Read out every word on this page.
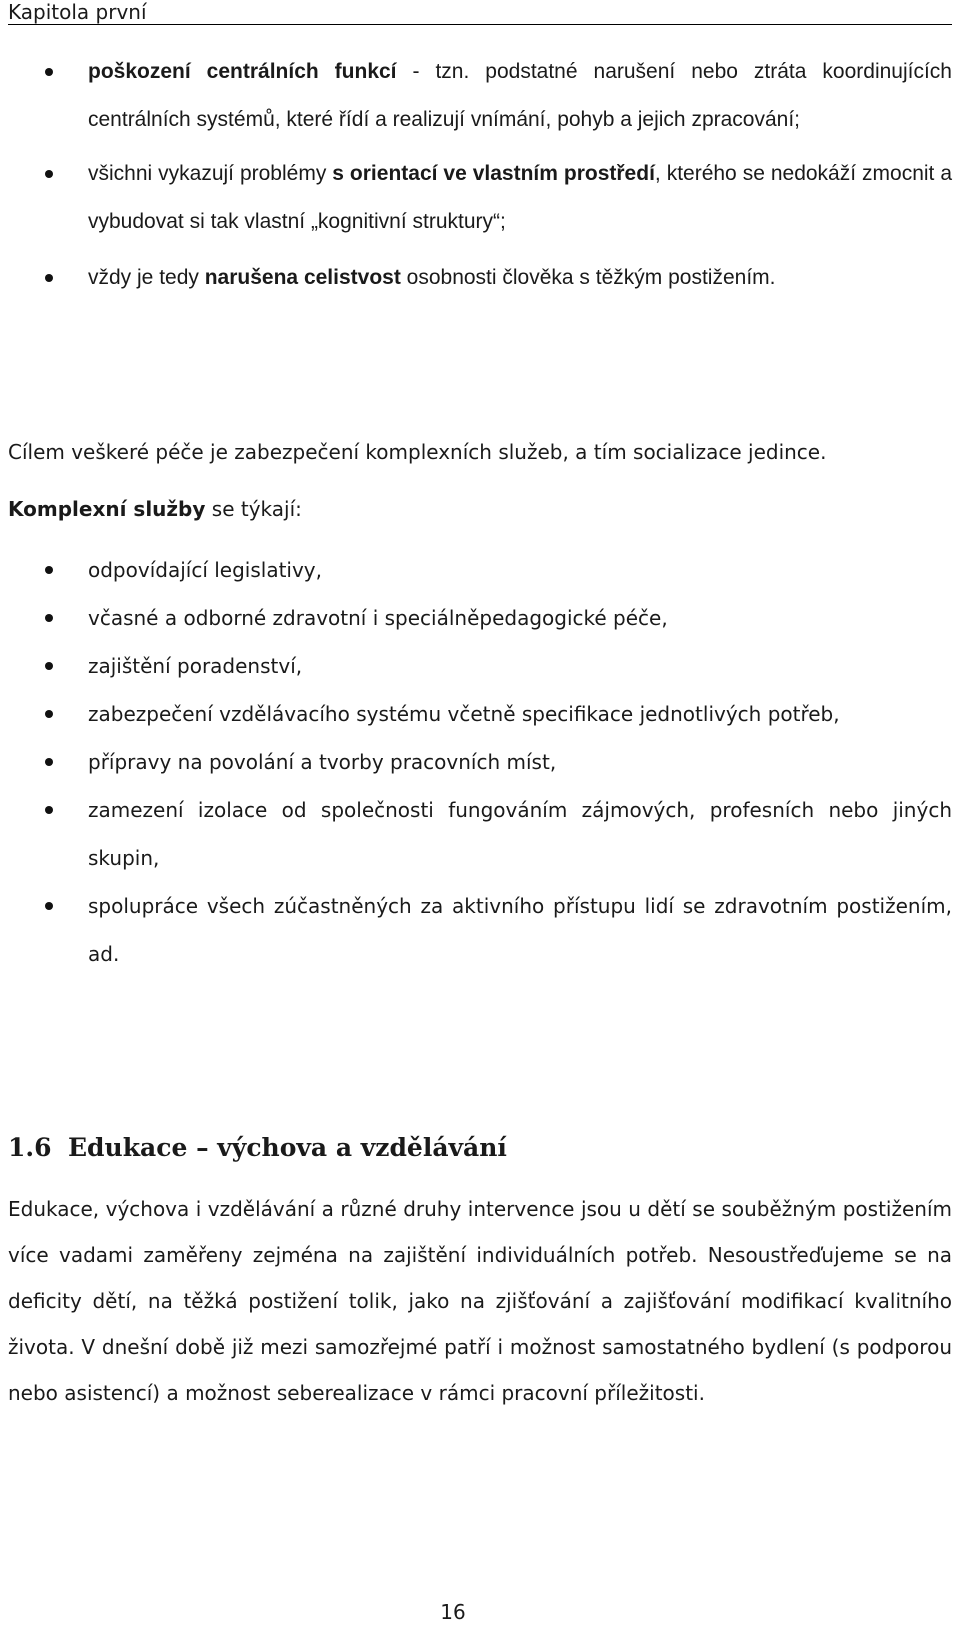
Kapitola první
poškození centrálních funkcí - tzn. podstatné narušení nebo ztráta koordinujících centrálních systémů, které řídí a realizují vnímání, pohyb a jejich zpracování;
všichni vykazují problémy s orientací ve vlastním prostředí, kterého se nedokáží zmocnit a vybudovat si tak vlastní „kognitivní struktury“;
vždy je tedy narušena celistvost osobnosti člověka s těžkým postižením.

Cílem veškeré péče je zabezpečení komplexních služeb, a tím socializace jedince.

Komplexní služby se týkají:

odpovídající legislativy,
včasné a odborné zdravotní i speciálněpedagogické péče,
zajištění poradenství,
zabezpečení vzdělávacího systému včetně specifikace jednotlivých potřeb,
přípravy na povolání a tvorby pracovních míst,
zamezení izolace od společnosti fungováním zájmových, profesních nebo jiných skupin,
spolupráce všech zúčastněných za aktivního přístupu lidí se zdravotním postižením, ad.
1.6 Edukace – výchova a vzdělávání

Edukace, výchova i vzdělávání a různé druhy intervence jsou u dětí se souběžným postižením více vadami zaměřeny zejména na zajištění individuálních potřeb. Nesoustřeďujeme se na deficity dětí, na těžká postižení tolik, jako na zjišťování a zajišťování modifikací kvalitního života. V dnešní době již mezi samozřejmé patří i možnost samostatného bydlení (s podporou nebo asistencí) a možnost seberealizace v rámci pracovní příležitosti.

16
